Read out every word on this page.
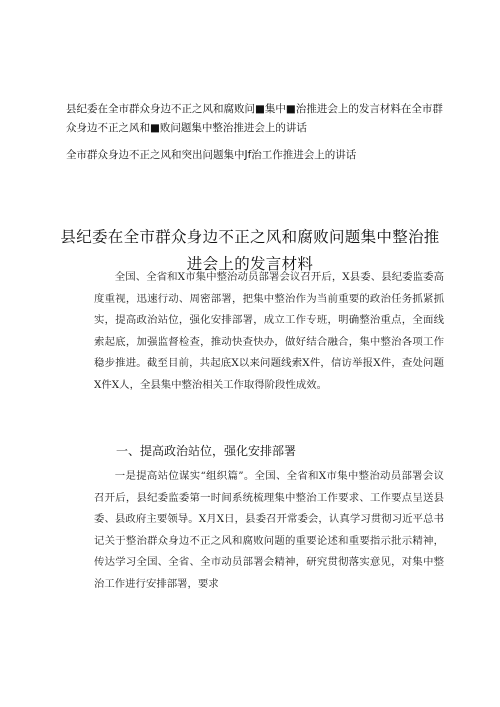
县纪委在全市群众身边不正之风和腐败问■集中■治推进会上的发言材料在全市群众身边不正之风和■败问题集中整治推进会上的讲话

全市群众身边不正之风和突出问题集中Jf治工作推进会上的讲话

县纪委在全市群众身边不正之风和腐败问题集中整治推
进会上的发言材料

全国、全省和X市集中整治动员部署会议召开后，X县委、县纪委监委高度重视，迅速行动、周密部署，把集中整治作为当前重要的政治任务抓紧抓实，提高政治站位，强化安排部署，成立工作专班，明确整治重点，全面线索起底，加强监督检查，推动快查快办，做好结合融合，集中整治各项工作稳步推进。截至目前，共起底X以来问题线索X件，信访举报X件，查处问题X件X人，全县集中整治相关工作取得阶段性成效。

一、提高政治站位，强化安排部署

一是提高站位谋实“组织篇”。全国、全省和X市集中整治动员部署会议召开后，县纪委监委第一时间系统梳理集中整治工作要求、工作要点呈送县委、县政府主要领导。X月X日，县委召开常委会，认真学习贯彻习近平总书记关于整治群众身边不正之风和腐败问题的重要论述和重要指示批示精神，传达学习全国、全省、全市动员部署会精神，研究贯彻落实意见，对集中整治工作进行安排部署，要求
